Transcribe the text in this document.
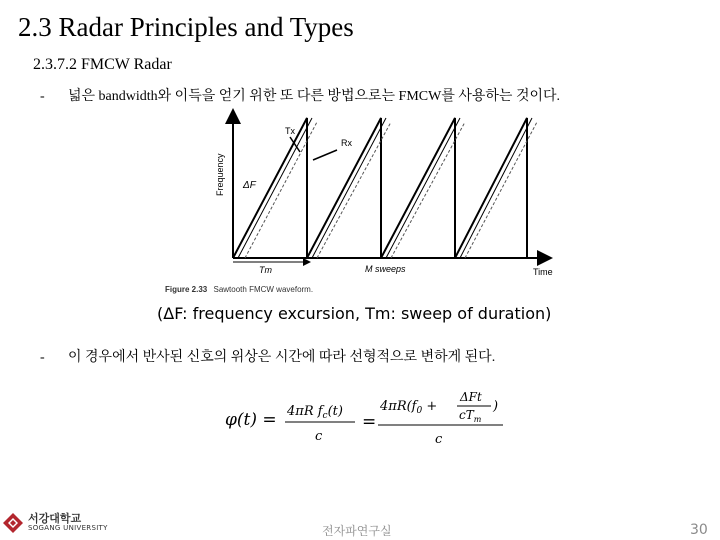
2.3 Radar Principles and Types
2.3.7.2 FMCW Radar
-	넓은 bandwidth와 이득을 얻기 위한 또 다른 방법으로는 FMCW를 사용하는 것이다.
Tx
Rx
Frequency ΔF
Tm	M sweeps	Time
Figure 2.33 Sawtooth FMCW waveform.
(ΔF: frequency excursion, Tm: sweep of duration)
-	이 경우에서 반사된 신호의 위상은 시간에 따라 선형적으로 변하게 된다.
φ(t) = 4πR $f_c(t)$
c
=
$4\pi R(f_0$ +
ΔFt
$cT_m$
)
c
서강대학교
SOGANG UNIVERSITY	전자파연구실	30
